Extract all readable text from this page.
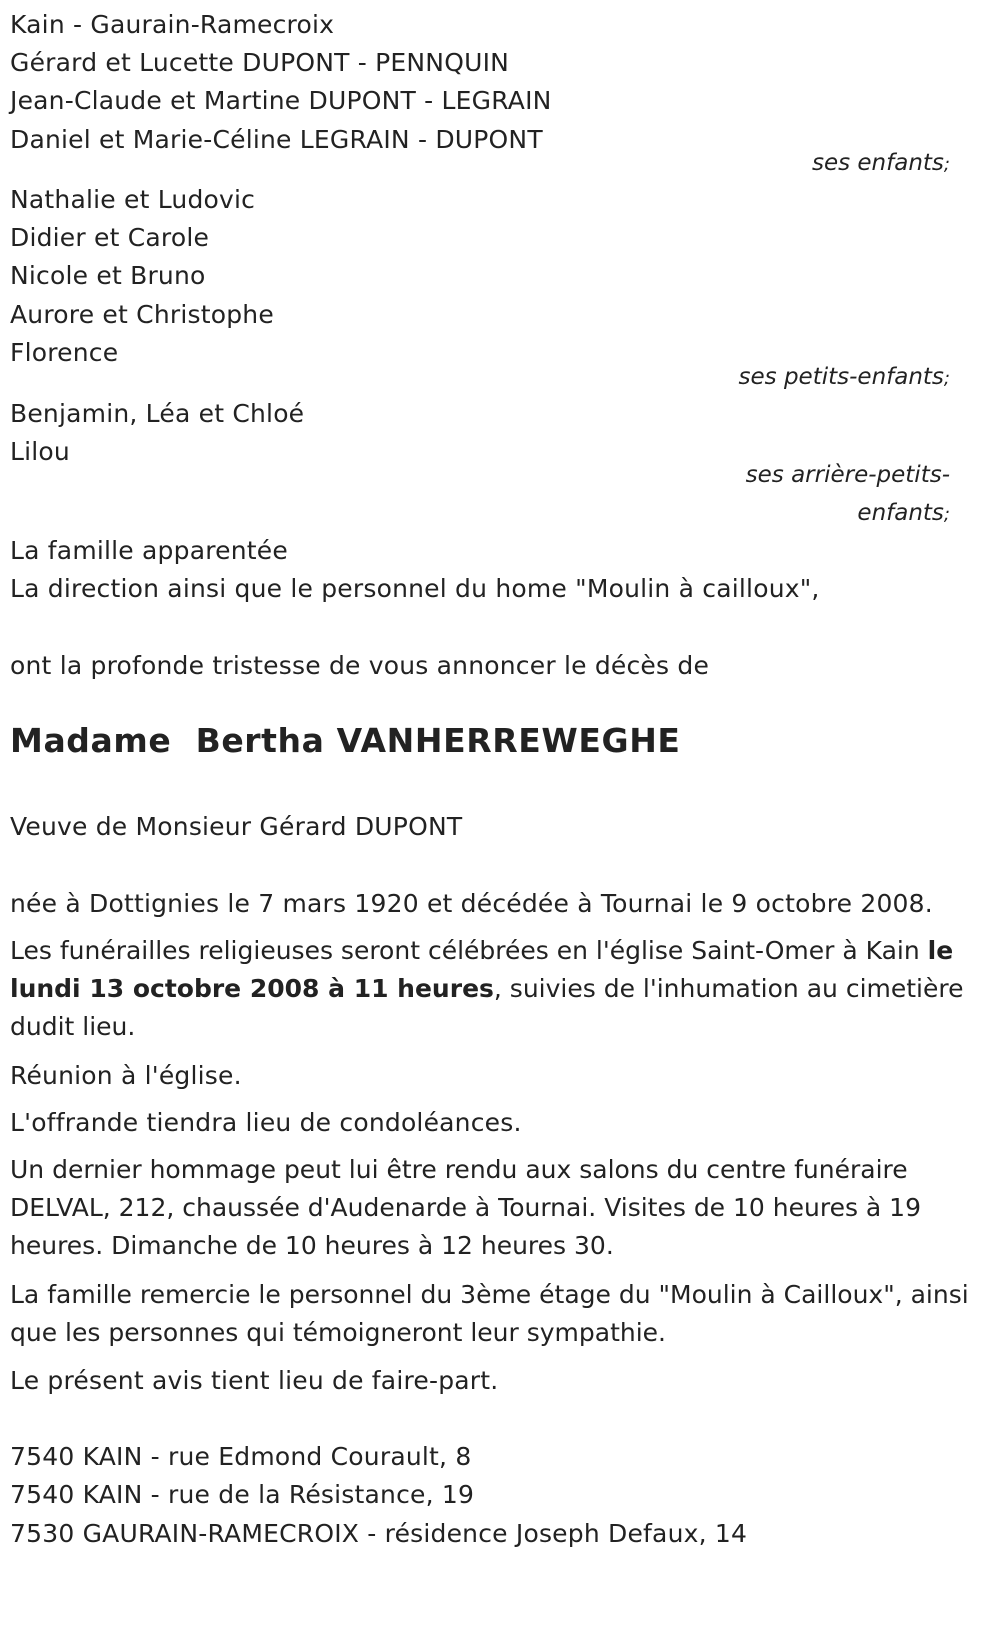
Kain - Gaurain-Ramecroix
Gérard et Lucette DUPONT - PENNQUIN
Jean-Claude et Martine DUPONT - LEGRAIN
Daniel et Marie-Céline LEGRAIN - DUPONT
ses enfants;
Nathalie et Ludovic
Didier et Carole
Nicole et Bruno
Aurore et Christophe
Florence
ses petits-enfants;
Benjamin, Léa et Chloé
Lilou
ses arrière-petits-
enfants;
La famille apparentée
La direction ainsi que le personnel du home "Moulin à cailloux",
ont la profonde tristesse de vous annoncer le décès de
Madame Bertha VANHERREWEGHE
Veuve de Monsieur Gérard DUPONT
née à Dottignies le 7 mars 1920 et décédée à Tournai le 9 octobre 2008.
Les funérailles religieuses seront célébrées en l'église Saint-Omer à Kain le lundi 13 octobre 2008 à 11 heures, suivies de l'inhumation au cimetière dudit lieu.
Réunion à l'église.
L'offrande tiendra lieu de condoléances.
Un dernier hommage peut lui être rendu aux salons du centre funéraire DELVAL, 212, chaussée d'Audenarde à Tournai. Visites de 10 heures à 19 heures. Dimanche de 10 heures à 12 heures 30.
La famille remercie le personnel du 3ème étage du "Moulin à Cailloux", ainsi que les personnes qui témoigneront leur sympathie.
Le présent avis tient lieu de faire-part.
7540 KAIN - rue Edmond Courault, 8
7540 KAIN - rue de la Résistance, 19
7530 GAURAIN-RAMECROIX - résidence Joseph Defaux, 14
